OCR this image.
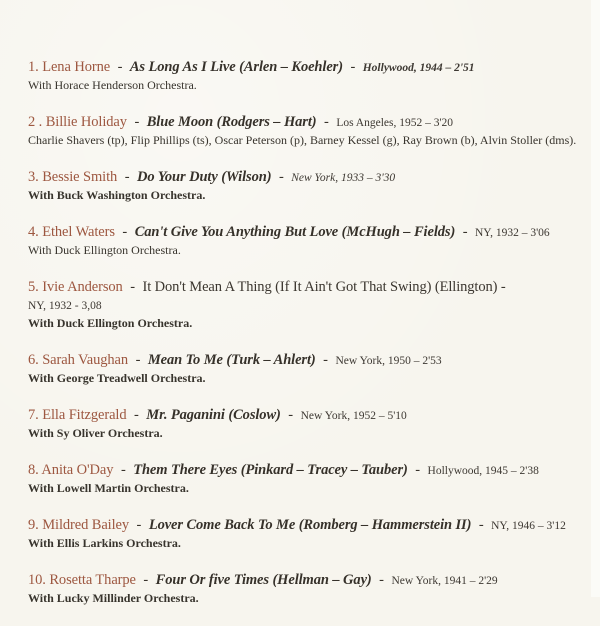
1. Lena Horne - As Long As I Live (Arlen – Koehler) - Hollywood, 1944 – 2'51
With Horace Henderson Orchestra.
2 . Billie Holiday - Blue Moon (Rodgers – Hart) - Los Angeles, 1952 – 3'20
Charlie Shavers (tp), Flip Phillips (ts), Oscar Peterson (p), Barney Kessel (g), Ray Brown (b), Alvin Stoller (dms).
3. Bessie Smith - Do Your Duty (Wilson) - New York, 1933 – 3'30
With Buck Washington Orchestra.
4. Ethel Waters - Can't Give You Anything But Love (McHugh – Fields) - NY, 1932 – 3'06
With Duck Ellington Orchestra.
5. Ivie Anderson - It Don't Mean A Thing (If It Ain't Got That Swing) (Ellington) -
NY, 1932 - 3,08
With Duck Ellington Orchestra.
6. Sarah Vaughan - Mean To Me (Turk – Ahlert) - New York, 1950 – 2'53
With George Treadwell Orchestra.
7. Ella Fitzgerald - Mr. Paganini (Coslow) - New York, 1952 – 5'10
With Sy Oliver Orchestra.
8. Anita O'Day - Them There Eyes (Pinkard – Tracey – Tauber) - Hollywood, 1945 – 2'38
With Lowell Martin Orchestra.
9. Mildred Bailey - Lover Come Back To Me (Romberg – Hammerstein II) - NY, 1946 – 3'12
With Ellis Larkins Orchestra.
10. Rosetta Tharpe - Four Or five Times (Hellman – Gay) - New York, 1941 – 2'29
With Lucky Millinder Orchestra.
